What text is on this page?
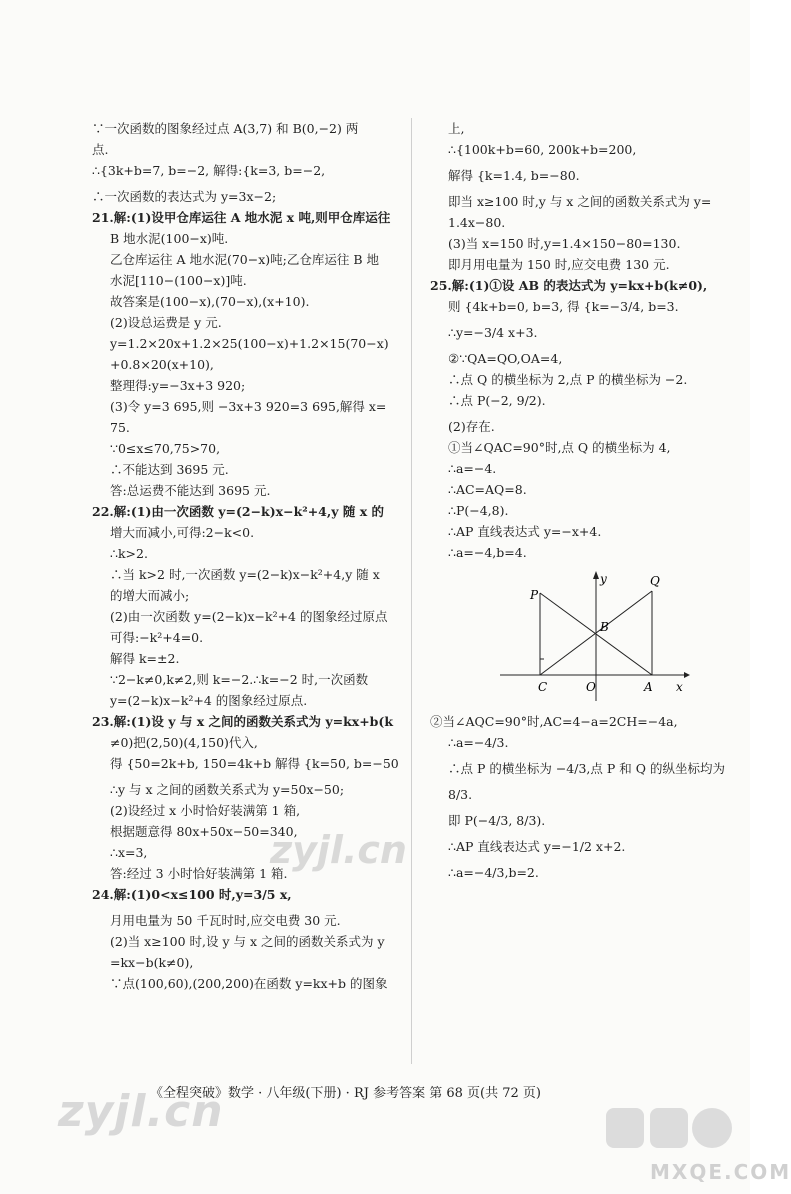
∵一次函数的图象经过点 A(3,7) 和 B(0,−2) 两
点.
∴{3k+b=7, b=−2, 解得:{k=3, b=−2,
∴一次函数的表达式为 y=3x−2;
21.解:(1)设甲仓库运往 A 地水泥 x 吨,则甲仓库运往
B 地水泥(100−x)吨.
乙仓库运往 A 地水泥(70−x)吨;乙仓库运往 B 地
水泥[110−(100−x)]吨.
故答案是(100−x),(70−x),(x+10).
(2)设总运费是 y 元.
y=1.2×20x+1.2×25(100−x)+1.2×15(70−x)
+0.8×20(x+10),
整理得:y=−3x+3 920;
(3)令 y=3 695,则 −3x+3 920=3 695,解得 x=
75.
∵0≤x≤70,75>70,
∴不能达到 3695 元.
答:总运费不能达到 3695 元.
22.解:(1)由一次函数 y=(2−k)x−k²+4,y 随 x 的
增大而减小,可得:2−k<0.
∴k>2.
∴当 k>2 时,一次函数 y=(2−k)x−k²+4,y 随 x
的增大而减小;
(2)由一次函数 y=(2−k)x−k²+4 的图象经过原点
可得:−k²+4=0.
解得 k=±2.
∵2−k≠0,k≠2,则 k=−2.∴k=−2 时,一次函数
y=(2−k)x−k²+4 的图象经过原点.
23.解:(1)设 y 与 x 之间的函数关系式为 y=kx+b(k
≠0)把(2,50)(4,150)代入,
得 {50=2k+b, 150=4k+b 解得 {k=50, b=−50
∴y 与 x 之间的函数关系式为 y=50x−50;
(2)设经过 x 小时恰好装满第 1 箱,
根据题意得 80x+50x−50=340,
∴x=3,
答:经过 3 小时恰好装满第 1 箱.
24.解:(1)0<x≤100 时,y=3/5 x,
月用电量为 50 千瓦时时,应交电费 30 元.
(2)当 x≥100 时,设 y 与 x 之间的函数关系式为 y
=kx−b(k≠0),
∵点(100,60),(200,200)在函数 y=kx+b 的图象
上,
∴{100k+b=60, 200k+b=200,
解得 {k=1.4, b=−80.
即当 x≥100 时,y 与 x 之间的函数关系式为 y=
1.4x−80.
(3)当 x=150 时,y=1.4×150−80=130.
即月用电量为 150 时,应交电费 130 元.
25.解:(1)①设 AB 的表达式为 y=kx+b(k≠0),
则 {4k+b=0, b=3, 得 {k=−3/4, b=3.
∴y=−3/4 x+3.
②∵QA=QO,OA=4,
∴点 Q 的横坐标为 2,点 P 的横坐标为 −2.
∴点 P(−2, 9/2).
(2)存在.
①当∠QAC=90°时,点 Q 的横坐标为 4,
∴a=−4.
∴AC=AQ=8.
∴P(−4,8).
∴AP 直线表达式 y=−x+4.
∴a=−4,b=4.
y
x
P
Q
B
C	O	A
②当∠AQC=90°时,AC=4−a=2CH=−4a,
∴a=−4/3.
∴点 P 的横坐标为 −4/3,点 P 和 Q 的纵坐标均为
8/3.
即 P(−4/3, 8/3).
∴AP 直线表达式 y=−1/2 x+2.
∴a=−4/3,b=2.
《全程突破》数学 · 八年级(下册) · RJ 参考答案 第 68 页(共 72 页)
zyjl.cn
zyjl.cn
MXQE.COM
